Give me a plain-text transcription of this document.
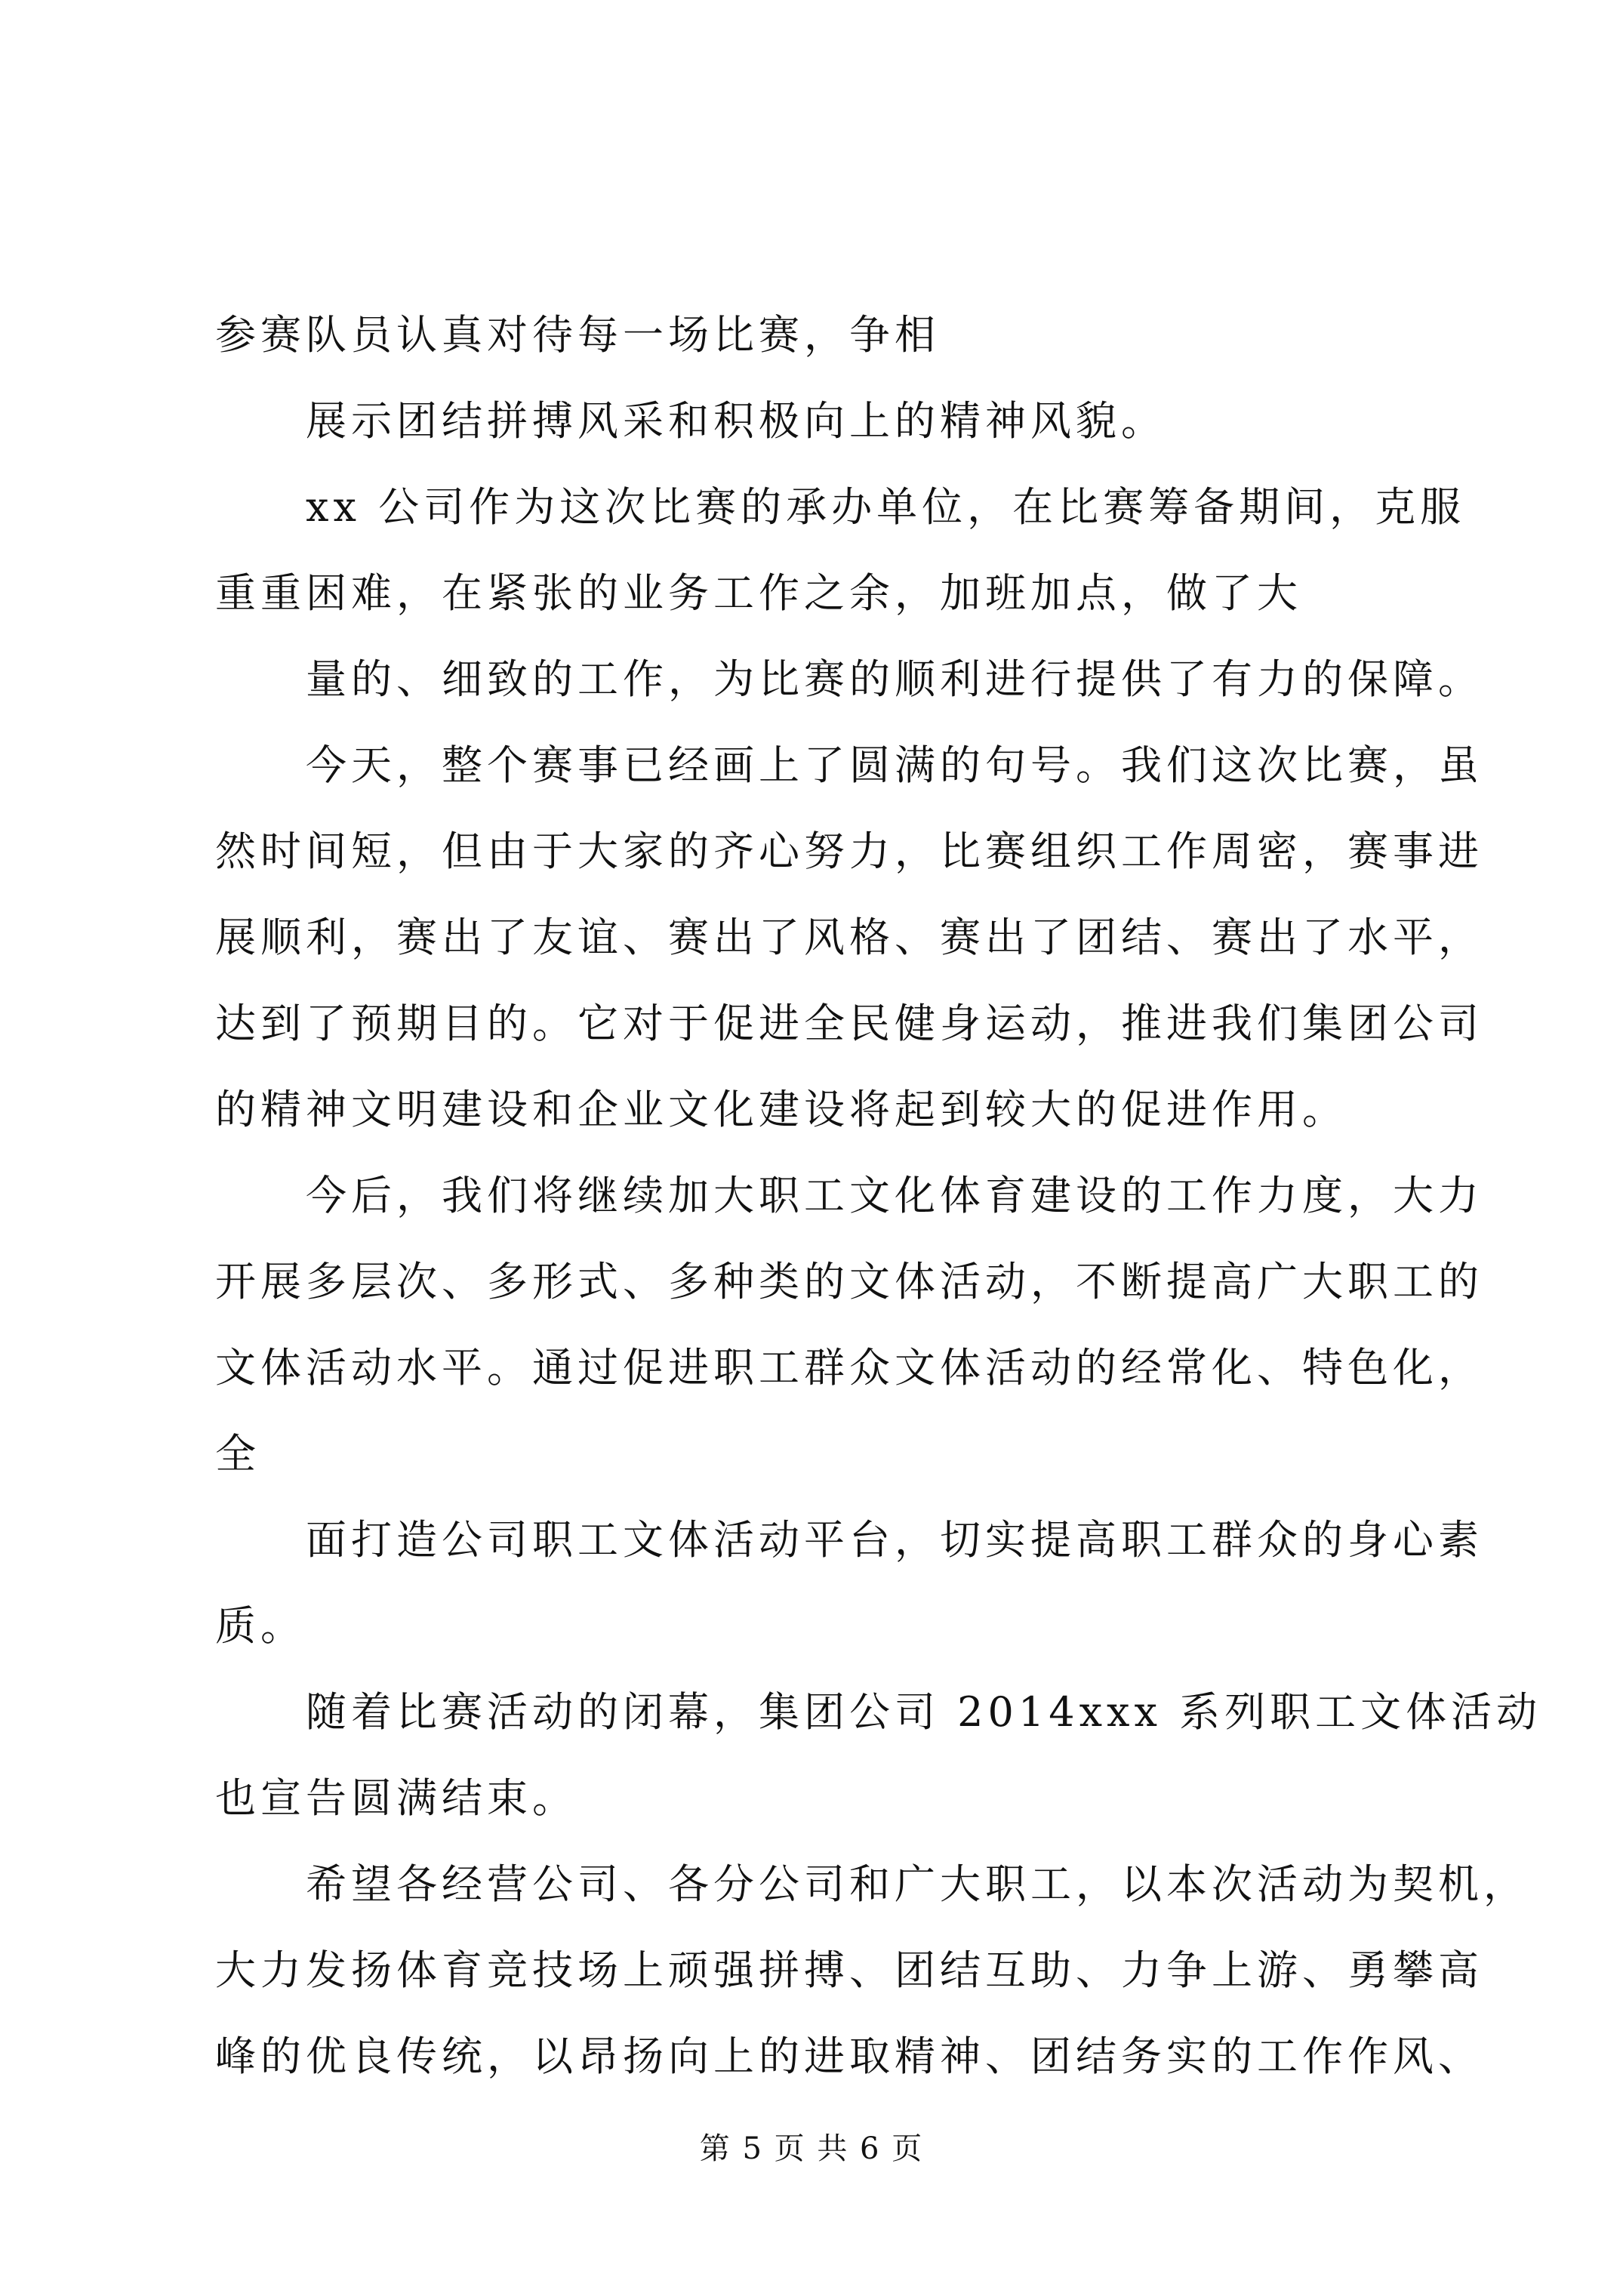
参赛队员认真对待每一场比赛，争相
展示团结拼搏风采和积极向上的精神风貌。
xx 公司作为这次比赛的承办单位，在比赛筹备期间，克服
重重困难，在紧张的业务工作之余，加班加点，做了大
量的、细致的工作，为比赛的顺利进行提供了有力的保障。
今天，整个赛事已经画上了圆满的句号。我们这次比赛，虽
然时间短，但由于大家的齐心努力，比赛组织工作周密，赛事进
展顺利，赛出了友谊、赛出了风格、赛出了团结、赛出了水平，
达到了预期目的。它对于促进全民健身运动，推进我们集团公司
的精神文明建设和企业文化建设将起到较大的促进作用。
今后，我们将继续加大职工文化体育建设的工作力度，大力
开展多层次、多形式、多种类的文体活动，不断提高广大职工的
文体活动水平。通过促进职工群众文体活动的经常化、特色化，
全
面打造公司职工文体活动平台，切实提高职工群众的身心素
质。
随着比赛活动的闭幕，集团公司 2014xxx 系列职工文体活动
也宣告圆满结束。
希望各经营公司、各分公司和广大职工，以本次活动为契机，
大力发扬体育竞技场上顽强拼搏、团结互助、力争上游、勇攀高
峰的优良传统，以昂扬向上的进取精神、团结务实的工作作风、
第 5 页 共 6 页
